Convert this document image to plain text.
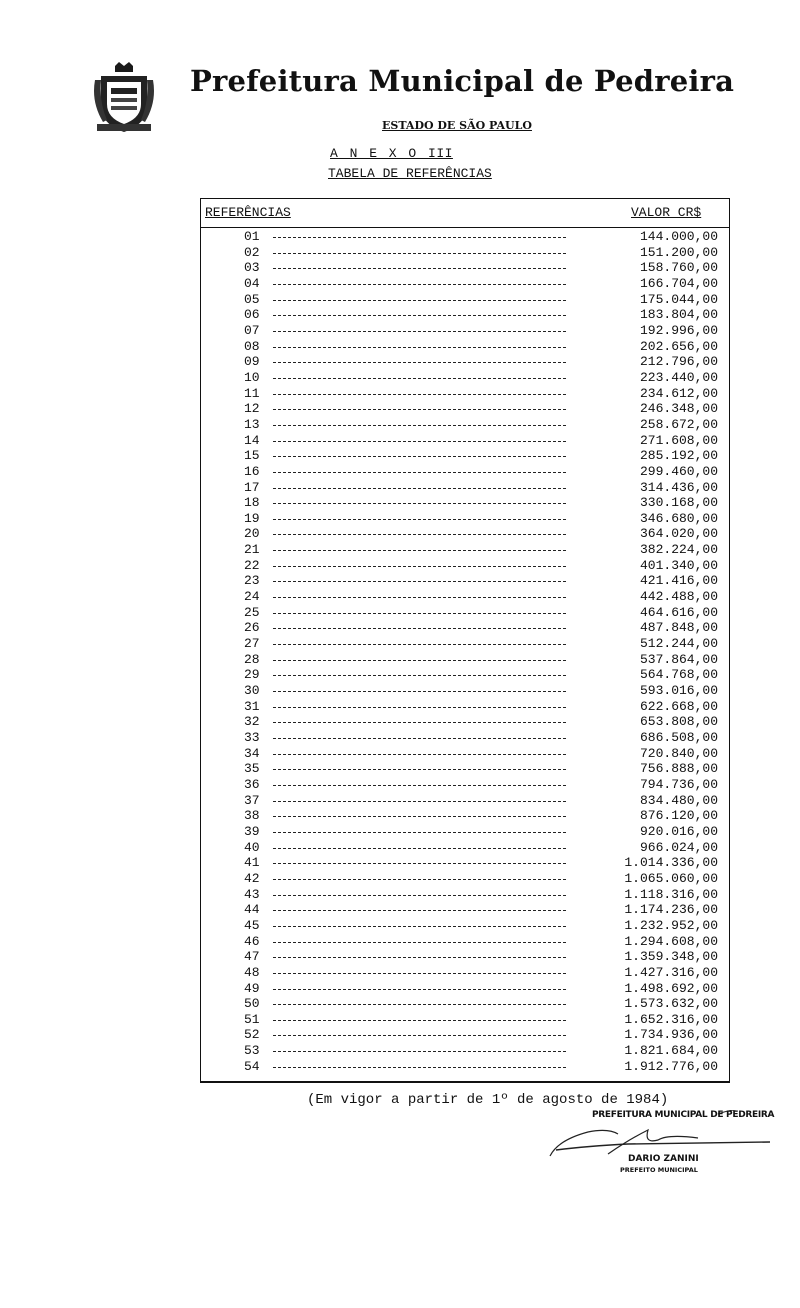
Prefeitura Municipal de Pedreira
ESTADO DE SÃO PAULO
A N E X O III
TABELA DE REFERÊNCIAS
REFERÊNCIAS	VALOR CR$
01	144.000,00
02	151.200,00
03	158.760,00
04	166.704,00
05	175.044,00
06	183.804,00
07	192.996,00
08	202.656,00
09	212.796,00
10	223.440,00
11	234.612,00
12	246.348,00
13	258.672,00
14	271.608,00
15	285.192,00
16	299.460,00
17	314.436,00
18	330.168,00
19	346.680,00
20	364.020,00
21	382.224,00
22	401.340,00
23	421.416,00
24	442.488,00
25	464.616,00
26	487.848,00
27	512.244,00
28	537.864,00
29	564.768,00
30	593.016,00
31	622.668,00
32	653.808,00
33	686.508,00
34	720.840,00
35	756.888,00
36	794.736,00
37	834.480,00
38	876.120,00
39	920.016,00
40	966.024,00
41	1.014.336,00
42	1.065.060,00
43	1.118.316,00
44	1.174.236,00
45	1.232.952,00
46	1.294.608,00
47	1.359.348,00
48	1.427.316,00
49	1.498.692,00
50	1.573.632,00
51	1.652.316,00
52	1.734.936,00
53	1.821.684,00
54	1.912.776,00
(Em vigor a partir de 1º de agosto de 1984)
PREFEITURA MUNICIPAL DE PEDREIRA
DARIO ZANINI
PREFEITO MUNICIPAL
